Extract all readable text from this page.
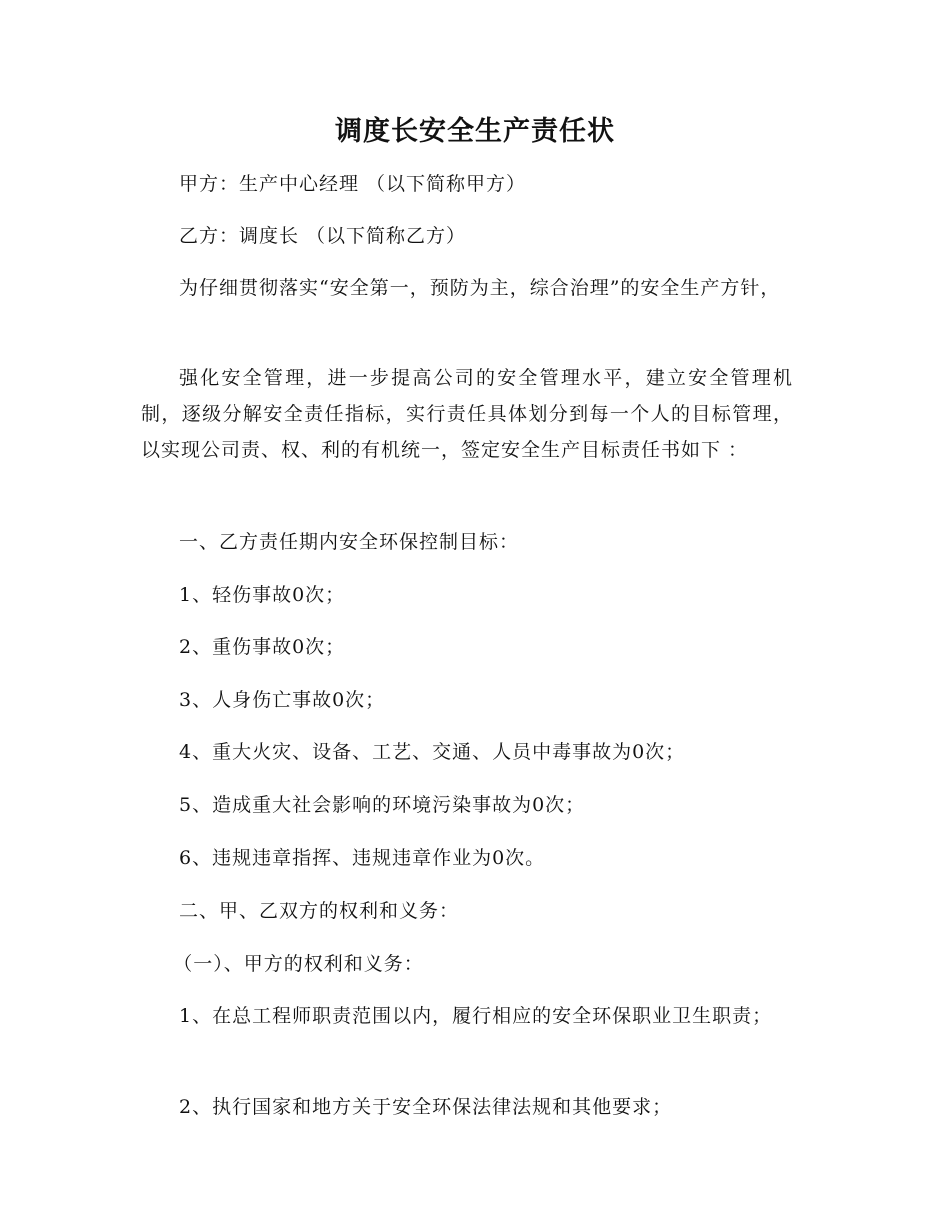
调度长安全生产责任状

甲方：生产中心经理 （以下简称甲方）

乙方：调度长 （以下简称乙方）

为仔细贯彻落实“安全第一，预防为主，综合治理”的安全生产方针，

强化安全管理，进一步提高公司的安全管理水平，建立安全管理机制，逐级分解安全责任指标，实行责任具体划分到每一个人的目标管理，以实现公司责、权、利的有机统一，签定安全生产目标责任书如下 ：

一、乙方责任期内安全环保控制目标：

1、轻伤事故0次；

2、重伤事故0次；

3、人身伤亡事故0次；

4、重大火灾、设备、工艺、交通、人员中毒事故为0次；

5、造成重大社会影响的环境污染事故为0次；

6、违规违章指挥、违规违章作业为0次。

二、甲、乙双方的权利和义务：

（一）、甲方的权利和义务：

1、在总工程师职责范围以内，履行相应的安全环保职业卫生职责；

2、执行国家和地方关于安全环保法律法规和其他要求；
